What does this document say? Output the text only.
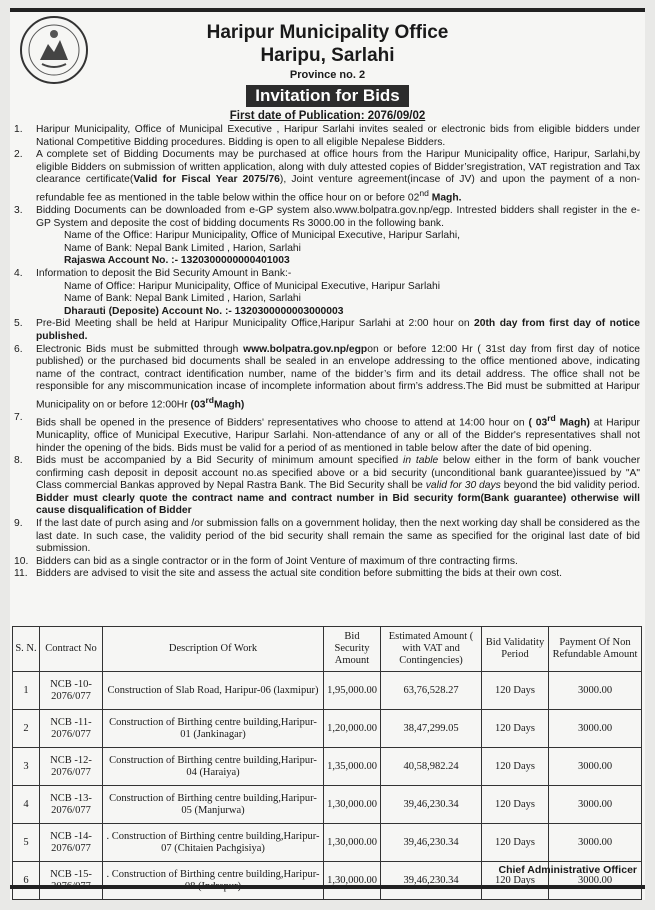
Haripur Municipality Office
Haripu, Sarlahi
Province no. 2
Invitation for Bids
First date of Publication: 2076/09/02
1.	Haripur Municipality, Office of Municipal Executive , Haripur Sarlahi invites sealed or electronic bids from eligible bidders under National Competitive Bidding procedures. Bidding is open to all eligible Nepalese Bidders.
2.	A complete set of Bidding Documents may be purchased at office hours from the Haripur Municipality office, Haripur, Sarlahi,by eligible Bidders on submission of written application, along with duly attested copies of Bidder’sregistration, VAT registration and Tax clearance certificate(Valid for Fiscal Year 2075/76), Joint venture agreement(incase of JV) and upon the payment of a non-refundable fee as mentioned in the table below within the office hour on or before 02nd Magh.
3.	Bidding Documents can be downloaded from e-GP system also.www.bolpatra.gov.np/egp. Intrested bidders shall register in the e-GP System and deposite the cost of bidding documents Rs 3000.00 in the following bank.
Name of the Office: Haripur Municipality, Office of Municipal Executive, Haripur Sarlahi,
Name of Bank: Nepal Bank Limited , Harion, Sarlahi
Rajaswa Account No. :- 1320300000000401003
4.	Information to deposit the Bid Security Amount in Bank:-
Name of Office: Haripur Municipality, Office of Municipal Executive, Haripur Sarlahi
Name of Bank: Nepal Bank Limited , Harion, Sarlahi
Dharauti (Deposite) Account No. :- 1320300000003000003
5.	Pre-Bid Meeting shall be held at Haripur Municipality Office,Haripur Sarlahi at 2:00 hour on 20th day from first day of notice published.
6.	Electronic Bids must be submitted through www.bolpatra.gov.np/egpon or before 12:00 Hr ( 31st day from first day of notice published) or the purchased bid documents shall be sealed in an envelope addressing to the office mentioned above, indicating name of the contract, contract identification number, name of the bidder’s firm and its detail address. The office shall not be responsible for any miscommunication incase of incomplete information about firm’s address.The Bid must be submitted at Haripur Municipality on or before 12:00Hr (03rdMagh)
7.	Bids shall be opened in the presence of Bidders' representatives who choose to attend at 14:00 hour on ( 03rd Magh) at Haripur Municaplity, office of Municipal Executive, Haripur Sarlahi. Non-attendance of any or all of the Bidder's representatives shall not hinder the opening of the bids. Bids must be valid for a period of as mentioned in table below after the date of bid opening.
8.	Bids must be accompanied by a Bid Security of minimum amount specified in table below either in the form of bank voucher confirming cash deposit in deposit account no.as specified above or a bid security (unconditional bank guarantee)issued by "A" Class commercial Bankas approved by Nepal Rastra Bank. The Bid Security shall be valid for 30 days beyond the bid validity period. Bidder must clearly quote the contract name and contract number in Bid security form(Bank guarantee) otherwise will cause disqualification of Bidder
9.	If the last date of purch asing and /or submission falls on a government holiday, then the next working day shall be considered as the last date. In such case, the validity period of the bid security shall remain the same as specified for the original last date of bid submission.
10. Bidders can bid as a single contractor or in the form of Joint Venture of maximum of thre contracting firms.
11. Bidders are advised to visit the site and assess the actual site condition before submitting the bids at their own cost.
S. N.	Contract No	Description Of Work	Bid Security Amount	Estimated Amount ( with VAT and Contingencies)	Bid Validatity Period	Payment Of Non Refundable Amount
1	NCB -10-2076/077	Construction of Slab Road, Haripur-06 (laxmipur)	1,95,000.00	63,76,528.27	120 Days	3000.00
2	NCB -11-2076/077	Construction of Birthing centre building,Haripur-01 (Jankinagar)	1,20,000.00	38,47,299.05	120 Days	3000.00
3	NCB -12-2076/077	Construction of Birthing centre building,Haripur-04 (Haraiya)	1,35,000.00	40,58,982.24	120 Days	3000.00
4	NCB -13-2076/077	Construction of Birthing centre building,Haripur-05 (Manjurwa)	1,30,000.00	39,46,230.34	120 Days	3000.00
5	NCB -14-2076/077	. Construction of Birthing centre building,Haripur-07 (Chitaien Pachgisiya)	1,30,000.00	39,46,230.34	120 Days	3000.00
6	NCB -15-	. Construction of Birthing centre building,Haripur-	1,30,000.00	39,46,230.34	120 Days	3000.00
Chief Administrative Officer
